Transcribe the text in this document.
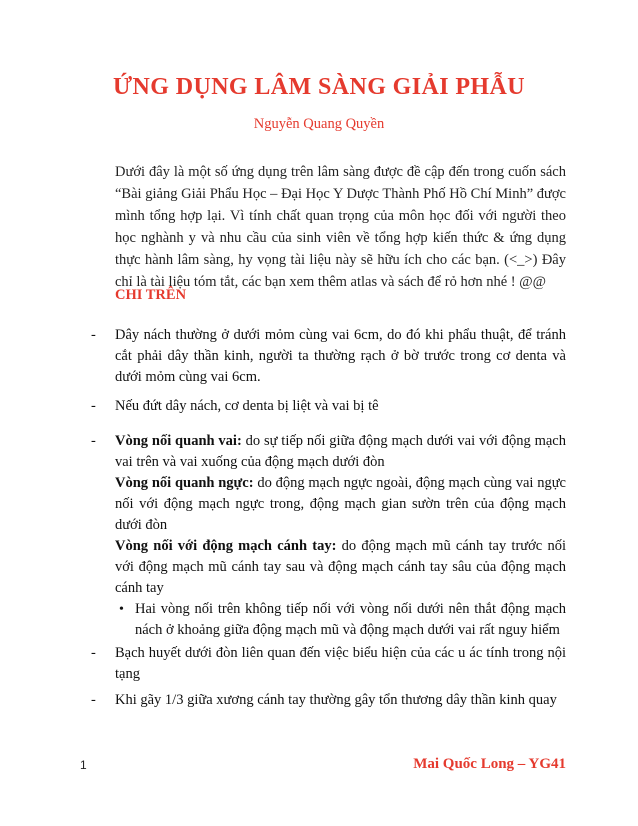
ỨNG DỤNG LÂM SÀNG GIẢI PHẪU
Nguyễn Quang Quyền
Dưới đây là một số ứng dụng trên lâm sàng được đề cập đến trong cuốn sách “Bài giảng Giải Phẩu Học – Đại Học Y Dược Thành Phố Hồ Chí Minh” được mình tổng hợp lại. Vì tính chất quan trọng của môn học đối với người theo học nghành y và nhu cầu của sinh viên về tổng hợp kiến thức & ứng dụng thực hành lâm sàng, hy vọng tài liệu này sẽ hữu ích cho các bạn. (<_>) Đây chỉ là tài liệu tóm tắt, các bạn xem thêm atlas và sách để rỏ hơn nhé ! @@
CHI TRÊN
- Dây nách thường ở dưới mỏm cùng vai 6cm, do đó khi phẩu thuật, để tránh cắt phải dây thần kinh, người ta thường rạch ở bờ trước trong cơ denta và dưới mỏm cùng vai 6cm.

- Nếu đứt dây nách, cơ denta bị liệt và vai bị tê

- Vòng nối quanh vai: do sự tiếp nối giữa động mạch dưới vai với động mạch vai trên và vai xuống của động mạch dưới đòn

Vòng nối quanh ngực: do động mạch ngực ngoài, động mạch cùng vai ngực nối với động mạch ngực trong, động mạch gian sườn trên của động mạch dưới đòn

Vòng nối với động mạch cánh tay: do động mạch mũ cánh tay trước nối với động mạch mũ cánh tay sau và động mạch cánh tay sâu của động mạch cánh tay

• Hai vòng nối trên không tiếp nối với vòng nối dưới nên thắt động mạch nách ở khoảng giữa động mạch mũ và động mạch dưới vai rất nguy hiểm
- Bạch huyết dưới đòn liên quan đến việc biểu hiện của các u ác tính trong nội tạng

- Khi gãy 1/3 giữa xương cánh tay thường gây tổn thương dây thần kinh quay

1	Mai Quốc Long – YG41
